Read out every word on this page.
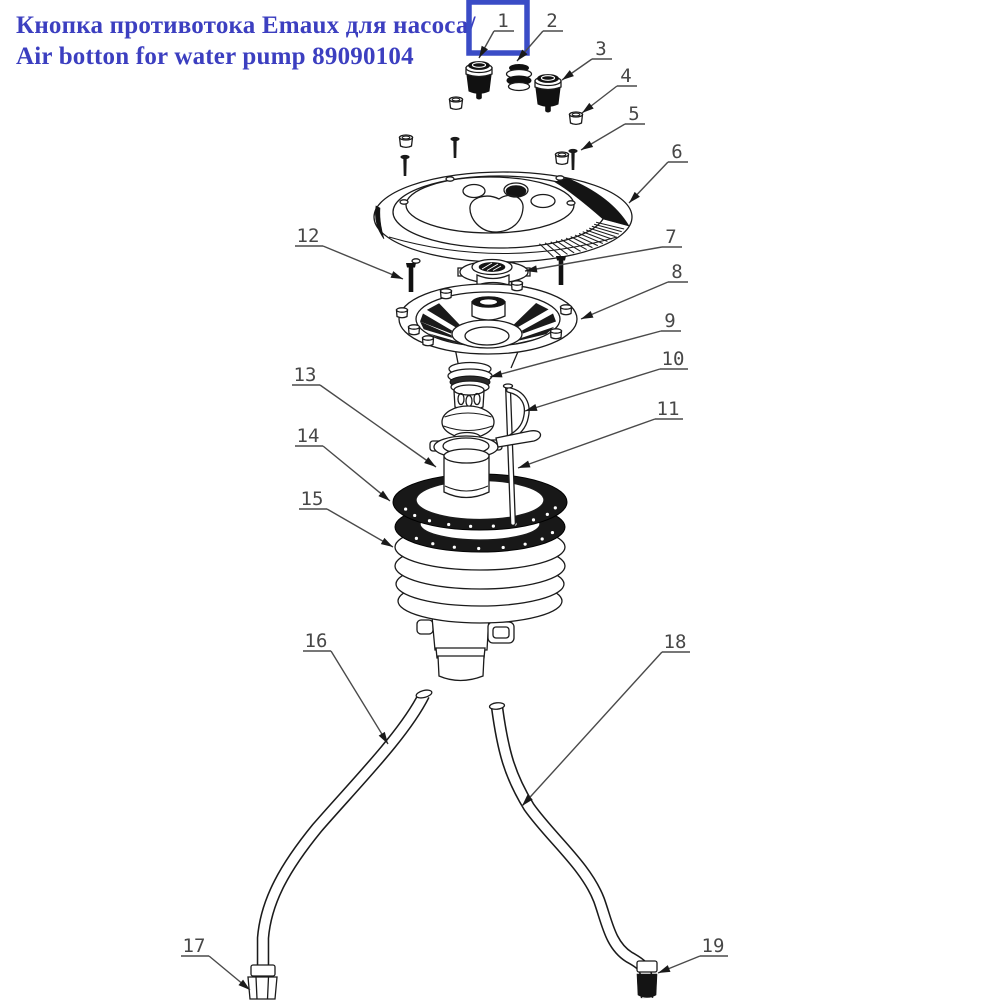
Кнопка противотока Emaux для насоса/
Air botton for water pump 89090104
1 2
3
4
5
6
7
8
9
10
11
12
13
14
15
16
17
18
19
